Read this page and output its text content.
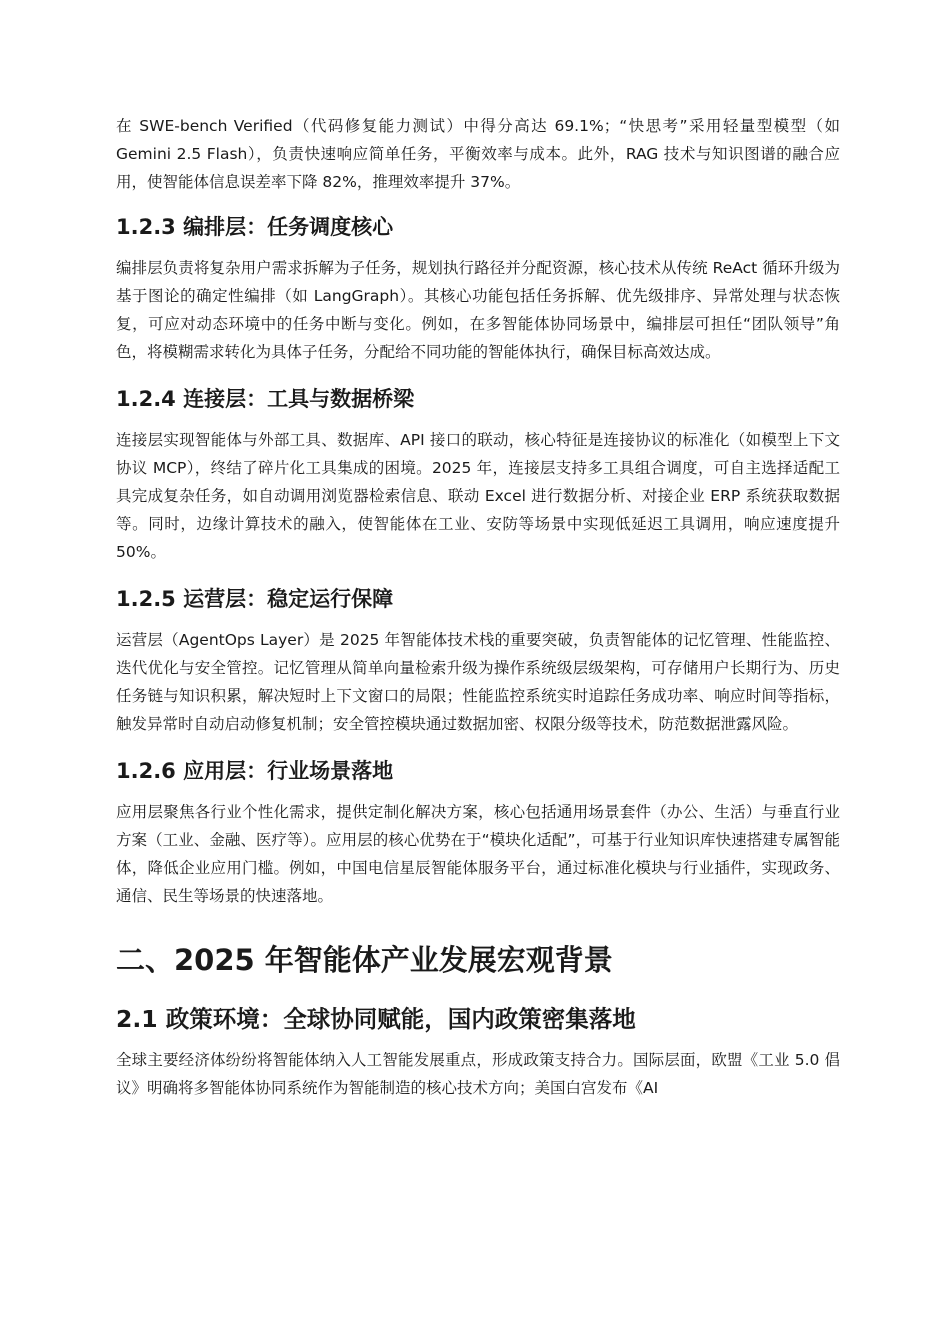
在 SWE-bench Verified（代码修复能力测试）中得分高达 69.1%；“快思考”采用轻量型模型（如 Gemini 2.5 Flash），负责快速响应简单任务，平衡效率与成本。此外，RAG 技术与知识图谱的融合应用，使智能体信息误差率下降 82%，推理效率提升 37%。

1.2.3 编排层：任务调度核心

编排层负责将复杂用户需求拆解为子任务，规划执行路径并分配资源，核心技术从传统 ReAct 循环升级为基于图论的确定性编排（如 LangGraph）。其核心功能包括任务拆解、优先级排序、异常处理与状态恢复，可应对动态环境中的任务中断与变化。例如，在多智能体协同场景中，编排层可担任“团队领导”角色，将模糊需求转化为具体子任务，分配给不同功能的智能体执行，确保目标高效达成。

1.2.4 连接层：工具与数据桥梁

连接层实现智能体与外部工具、数据库、API 接口的联动，核心特征是连接协议的标准化（如模型上下文协议 MCP），终结了碎片化工具集成的困境。2025 年，连接层支持多工具组合调度，可自主选择适配工具完成复杂任务，如自动调用浏览器检索信息、联动 Excel 进行数据分析、对接企业 ERP 系统获取数据等。同时，边缘计算技术的融入，使智能体在工业、安防等场景中实现低延迟工具调用，响应速度提升 50%。

1.2.5 运营层：稳定运行保障

运营层（AgentOps Layer）是 2025 年智能体技术栈的重要突破，负责智能体的记忆管理、性能监控、迭代优化与安全管控。记忆管理从简单向量检索升级为操作系统级层级架构，可存储用户长期行为、历史任务链与知识积累，解决短时上下文窗口的局限；性能监控系统实时追踪任务成功率、响应时间等指标，触发异常时自动启动修复机制；安全管控模块通过数据加密、权限分级等技术，防范数据泄露风险。

1.2.6 应用层：行业场景落地

应用层聚焦各行业个性化需求，提供定制化解决方案，核心包括通用场景套件（办公、生活）与垂直行业方案（工业、金融、医疗等）。应用层的核心优势在于“模块化适配”，可基于行业知识库快速搭建专属智能体，降低企业应用门槛。例如，中国电信星辰智能体服务平台，通过标准化模块与行业插件，实现政务、通信、民生等场景的快速落地。

二、2025 年智能体产业发展宏观背景
2.1 政策环境：全球协同赋能，国内政策密集落地

全球主要经济体纷纷将智能体纳入人工智能发展重点，形成政策支持合力。国际层面，欧盟《工业 5.0 倡议》明确将多智能体协同系统作为智能制造的核心技术方向；美国白宫发布《AI
